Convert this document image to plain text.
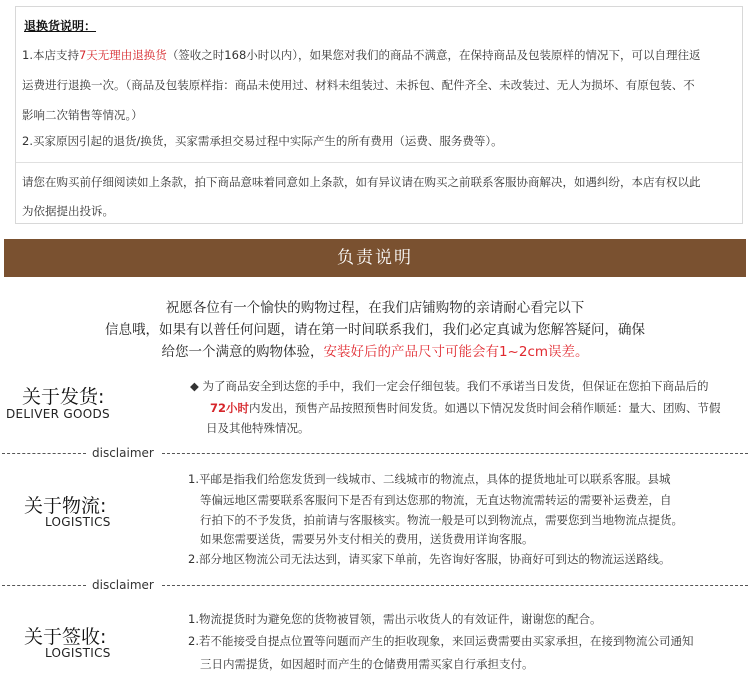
退换货说明：
1.本店支持7天无理由退换货（签收之时168小时以内），如果您对我们的商品不满意，在保持商品及包装原样的情况下，可以自理往返
运费进行退换一次。（商品及包装原样指：商品未使用过、材料未组装过、未拆包、配件齐全、未改装过、无人为损坏、有原包装、不
影响二次销售等情况。）
2.买家原因引起的退货/换货，买家需承担交易过程中实际产生的所有费用（运费、服务费等）。
请您在购买前仔细阅读如上条款，拍下商品意味着同意如上条款，如有异议请在购买之前联系客服协商解决，如遇纠纷，本店有权以此
为依据提出投诉。
负责说明
祝愿各位有一个愉快的购物过程，在我们店铺购物的亲请耐心看完以下
信息哦，如果有以普任何问题，请在第一时间联系我们，我们必定真诚为您解答疑问，确保
给您一个满意的购物体验，安装好后的产品尺寸可能会有1~2cm误差。
关于发货:
DELIVER GOODS
◆ 为了商品安全到达您的手中，我们一定会仔细包装。我们不承诺当日发货，但保证在您拍下商品后的
72小时内发出，预售产品按照预售时间发货。如遇以下情况发货时间会稍作顺延：量大、团购、节假
日及其他特殊情况。
disclaimer
关于物流:
LOGISTICS
1.平邮是指我们给您发货到一线城市、二线城市的物流点，具体的提货地址可以联系客服。县城
等偏远地区需要联系客服问下是否有到达您那的物流，无直达物流需转运的需要补运费差，自
行拍下的不予发货，拍前请与客服核实。物流一般是可以到物流点，需要您到当地物流点提货。
如果您需要送货，需要另外支付相关的费用，送货费用详询客服。
2.部分地区物流公司无法达到，请买家下单前，先咨询好客服，协商好可到达的物流运送路线。
disclaimer
关于签收:
LOGISTICS
1.物流提货时为避免您的货物被冒领，需出示收货人的有效证件，谢谢您的配合。
2.若不能接受自提点位置等问题而产生的拒收现象，来回运费需要由买家承担，在接到物流公司通知
三日内需提货，如因超时而产生的仓储费用需买家自行承担支付。
